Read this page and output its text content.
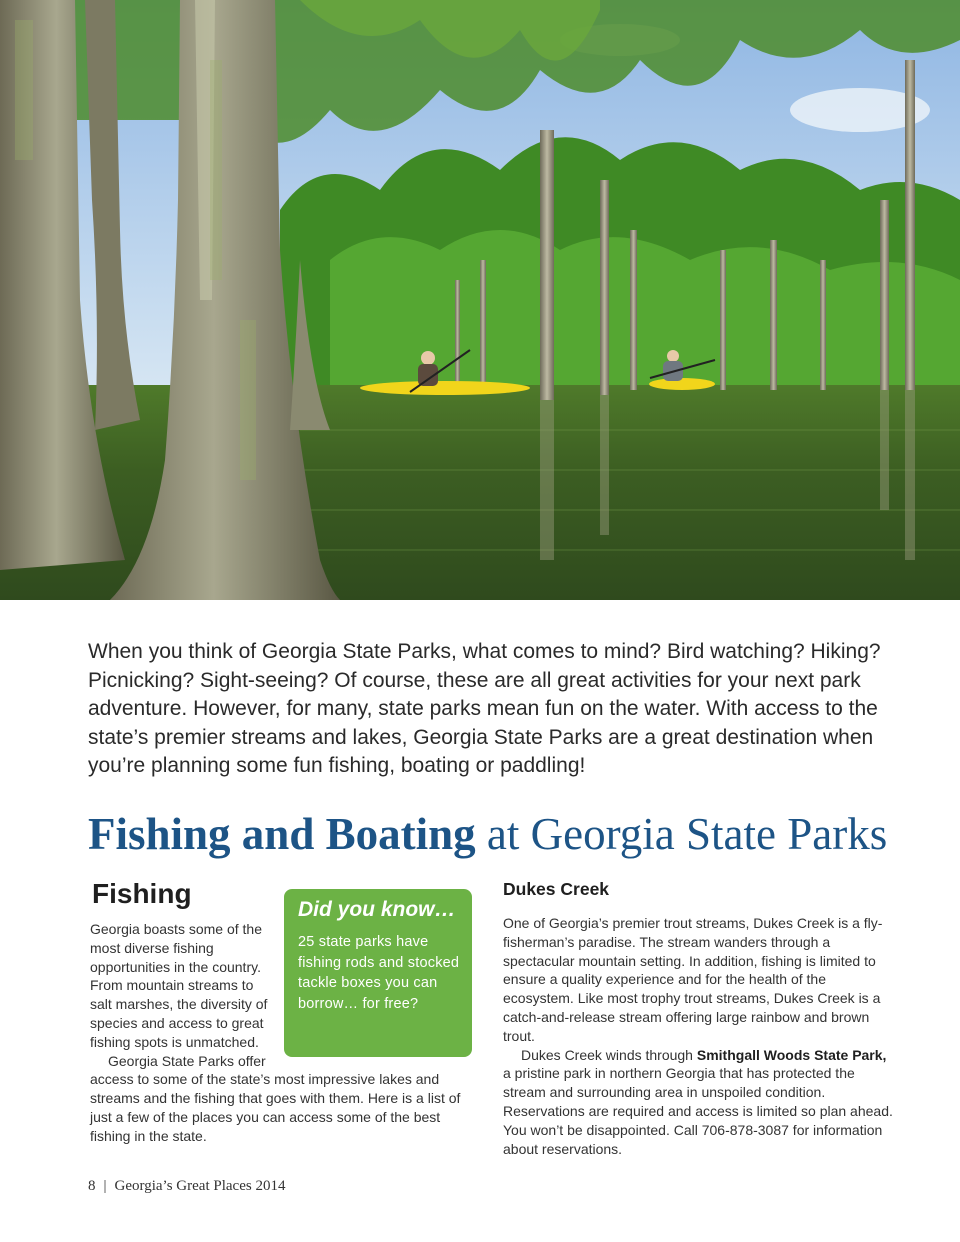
When you think of Georgia State Parks, what comes to mind? Bird watching? Hiking? Picnicking? Sight-seeing? Of course, these are all great activities for your next park adventure. However, for many, state parks mean fun on the water. With access to the state’s premier streams and lakes, Georgia State Parks are a great destination when you’re planning some fun fishing, boating or paddling!

Fishing and Boating at Georgia State Parks
Fishing

Did you know…

25 state parks have fishing rods and stocked tackle boxes you can borrow… for free?

Georgia boasts some of the most diverse fishing opportunities in the country. From mountain streams to salt marshes, the diversity of species and access to great fishing spots is unmatched.

Georgia State Parks offer access to some of the state’s most impressive lakes and streams and the fishing that goes with them. Here is a list of just a few of the places you can access some of the best fishing in the state.

Dukes Creek

One of Georgia’s premier trout streams, Dukes Creek is a fly-fisherman’s paradise. The stream wanders through a spectacular mountain setting. In addition, fishing is limited to ensure a quality experience and for the health of the ecosystem. Like most trophy trout streams, Dukes Creek is a catch-and-release stream offering large rainbow and brown trout.

Dukes Creek winds through Smithgall Woods State Park, a pristine park in northern Georgia that has protected the stream and surrounding area in unspoiled condition. Reservations are required and access is limited so plan ahead. You won’t be disappointed. Call 706-878-3087 for information about reservations.

8 | Georgia’s Great Places 2014
